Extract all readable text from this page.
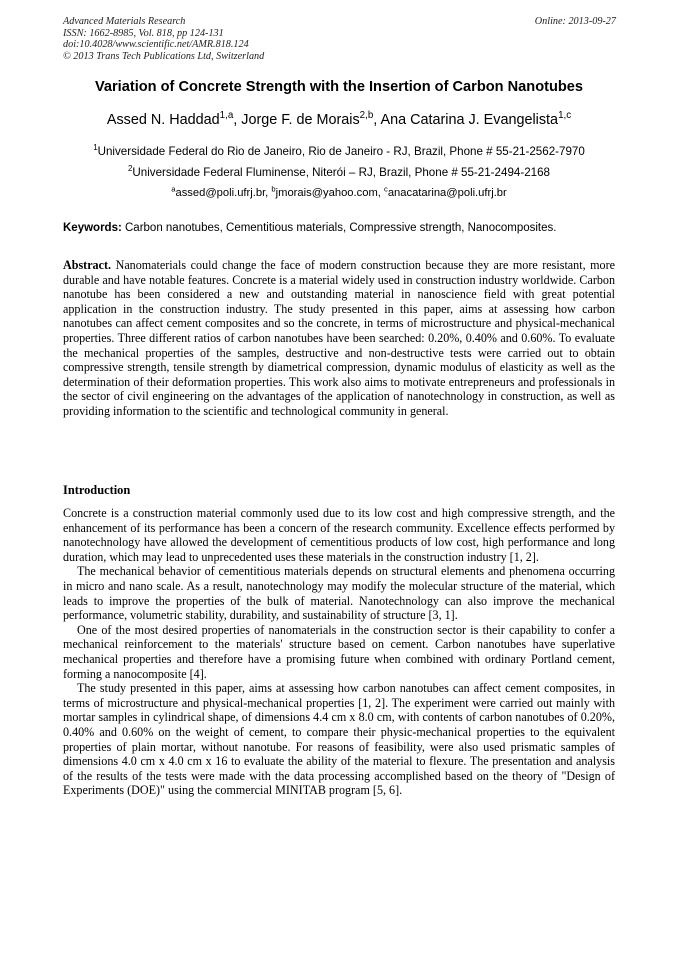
Advanced Materials Research
ISSN: 1662-8985, Vol. 818, pp 124-131
doi:10.4028/www.scientific.net/AMR.818.124
© 2013 Trans Tech Publications Ltd, Switzerland
Online: 2013-09-27
Variation of Concrete Strength with the Insertion of Carbon Nanotubes
Assed N. Haddad$^{1,a}$, Jorge F. de Morais$^{2,b}$, Ana Catarina J. Evangelista$^{1,c}$
$^1$Universidade Federal do Rio de Janeiro, Rio de Janeiro - RJ, Brazil, Phone # 55-21-2562-7970
$^2$Universidade Federal Fluminense, Niterói – RJ, Brazil, Phone # 55-21-2494-2168
$^a$assed@poli.ufrj.br, $^b$jmorais@yahoo.com, $^c$anacatarina@poli.ufrj.br
Keywords: Carbon nanotubes, Cementitious materials, Compressive strength, Nanocomposites.
Abstract. Nanomaterials could change the face of modern construction because they are more resistant, more durable and have notable features. Concrete is a material widely used in construction industry worldwide. Carbon nanotube has been considered a new and outstanding material in nanoscience field with great potential application in the construction industry. The study presented in this paper, aims at assessing how carbon nanotubes can affect cement composites and so the concrete, in terms of microstructure and physical-mechanical properties. Three different ratios of carbon nanotubes have been searched: 0.20%, 0.40% and 0.60%. To evaluate the mechanical properties of the samples, destructive and non-destructive tests were carried out to obtain compressive strength, tensile strength by diametrical compression, dynamic modulus of elasticity as well as the determination of their deformation properties. This work also aims to motivate entrepreneurs and professionals in the sector of civil engineering on the advantages of the application of nanotechnology in construction, as well as providing information to the scientific and technological community in general.
Introduction

Concrete is a construction material commonly used due to its low cost and high compressive strength, and the enhancement of its performance has been a concern of the research community. Excellence effects performed by nanotechnology have allowed the development of cementitious products of low cost, high performance and long duration, which may lead to unprecedented uses these materials in the construction industry [1, 2].

The mechanical behavior of cementitious materials depends on structural elements and phenomena occurring in micro and nano scale. As a result, nanotechnology may modify the molecular structure of the material, which leads to improve the properties of the bulk of material. Nanotechnology can also improve the mechanical performance, volumetric stability, durability, and sustainability of structure [3, 1].

One of the most desired properties of nanomaterials in the construction sector is their capability to confer a mechanical reinforcement to the materials' structure based on cement. Carbon nanotubes have superlative mechanical properties and therefore have a promising future when combined with ordinary Portland cement, forming a nanocomposite [4].

The study presented in this paper, aims at assessing how carbon nanotubes can affect cement composites, in terms of microstructure and physical-mechanical properties [1, 2]. The experiment were carried out mainly with mortar samples in cylindrical shape, of dimensions 4.4 cm x 8.0 cm, with contents of carbon nanotubes of 0.20%, 0.40% and 0.60% on the weight of cement, to compare their physic-mechanical properties to the equivalent properties of plain mortar, without nanotube. For reasons of feasibility, were also used prismatic samples of dimensions 4.0 cm x 4.0 cm x 16 to evaluate the ability of the material to flexure. The presentation and analysis of the results of the tests were made with the data processing accomplished based on the theory of "Design of Experiments (DOE)" using the commercial MINITAB program [5, 6].
